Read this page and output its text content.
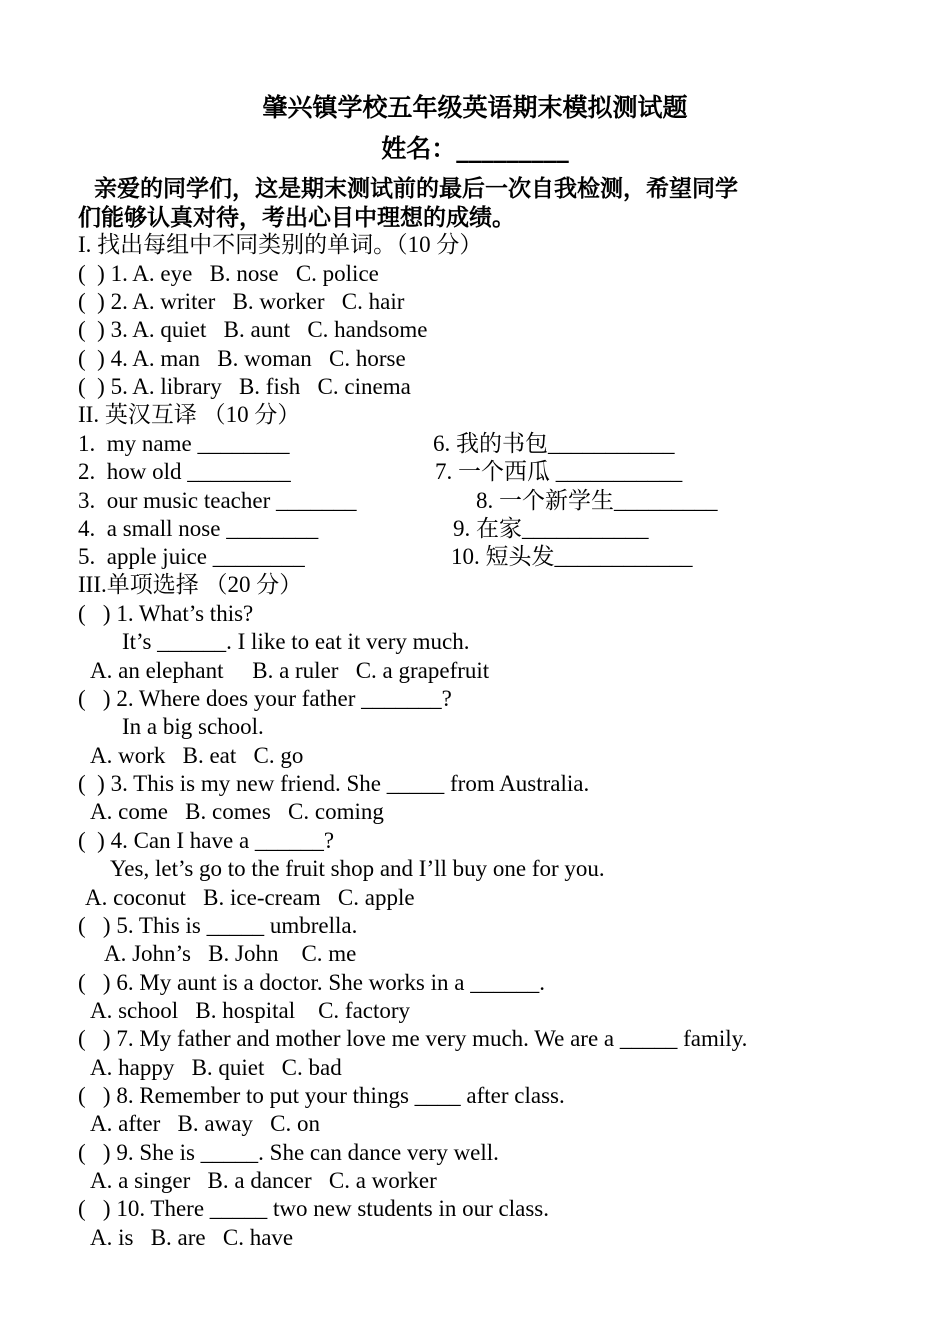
肇兴镇学校五年级英语期末模拟测试题
姓名：_________
亲爱的同学们，这是期末测试前的最后一次自我检测，希望同学
们能够认真对待，考出心目中理想的成绩。
I. 找出每组中不同类别的单词。（10 分）
(  ) 1. A. eye   B. nose   C. police
(  ) 2. A. writer   B. worker   C. hair
(  ) 3. A. quiet   B. aunt   C. handsome
(  ) 4. A. man   B. woman   C. horse
(  ) 5. A. library   B. fish   C. cinema
II. 英汉互译 （10 分）
1.  my name ________	6. 我的书包___________
2.  how old _________	7. 一个西瓜 ___________
3.  our music teacher _______	8. 一个新学生_________
4.  a small nose ________	9. 在家___________
5.  apple juice ________	10. 短头发____________
III.单项选择 （20 分）
(   ) 1. What’s this?
It’s ______. I like to eat it very much.
A. an elephant     B. a ruler   C. a grapefruit
(   ) 2. Where does your father _______?
In a big school.
A. work   B. eat   C. go
(  ) 3. This is my new friend. She _____ from Australia.
A. come   B. comes   C. coming
(  ) 4. Can I have a ______?
Yes, let’s go to the fruit shop and I’ll buy one for you.
A. coconut   B. ice-cream   C. apple
(   ) 5. This is _____ umbrella.
A. John’s   B. John    C. me
(   ) 6. My aunt is a doctor. She works in a ______.
A. school   B. hospital    C. factory
(   ) 7. My father and mother love me very much. We are a _____ family.
A. happy   B. quiet   C. bad
(   ) 8. Remember to put your things ____ after class.
A. after   B. away   C. on
(   ) 9. She is _____. She can dance very well.
A. a singer   B. a dancer   C. a worker
(   ) 10. There _____ two new students in our class.
A. is   B. are   C. have
